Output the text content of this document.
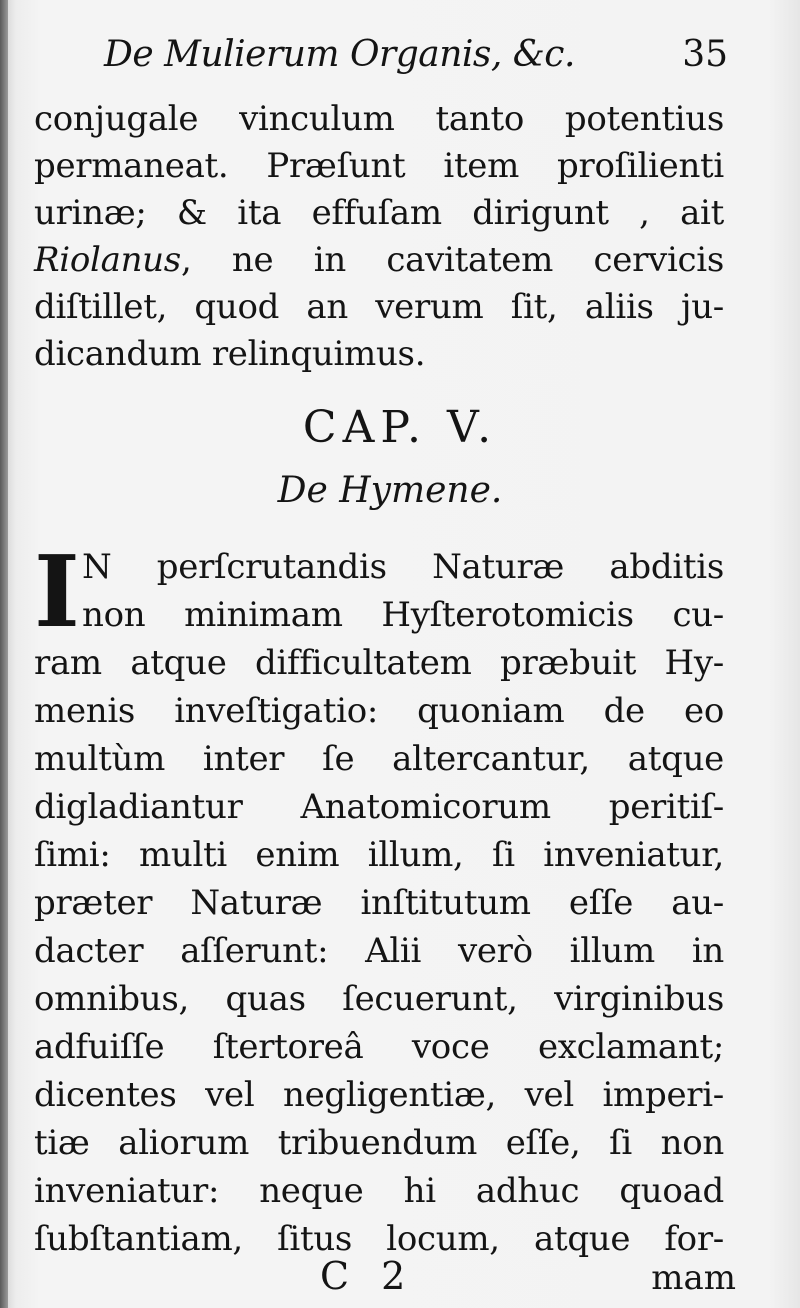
De Mulierum Organis, &c.	35
conjugale vinculum tanto potentius
permaneat. Præſunt item proſilienti
urinæ; & ita effuſam dirigunt , ait
Riolanus, ne in cavitatem cervicis
diſtillet, quod an verum ſit, aliis ju-
dicandum relinquimus.
CAP. V.
De Hymene.
I N perſcrutandis Naturæ abditis
non minimam Hyſterotomicis cu-
ram atque difficultatem præbuit Hy-
menis inveſtigatio: quoniam de eo
multùm inter ſe altercantur, atque
digladiantur Anatomicorum peritiſ-
ſimi: multi enim illum, ſi inveniatur,
præter Naturæ inſtitutum eſſe au-
dacter aſſerunt: Alii verò illum in
omnibus, quas ſecuerunt, virginibus
adfuiſſe ſtertoreâ voce exclamant;
dicentes vel negligentiæ, vel imperi-
tiæ aliorum tribuendum eſſe, ſi non
inveniatur: neque hi adhuc quoad
ſubſtantiam, ſitus locum, atque for-
C 2	mam
